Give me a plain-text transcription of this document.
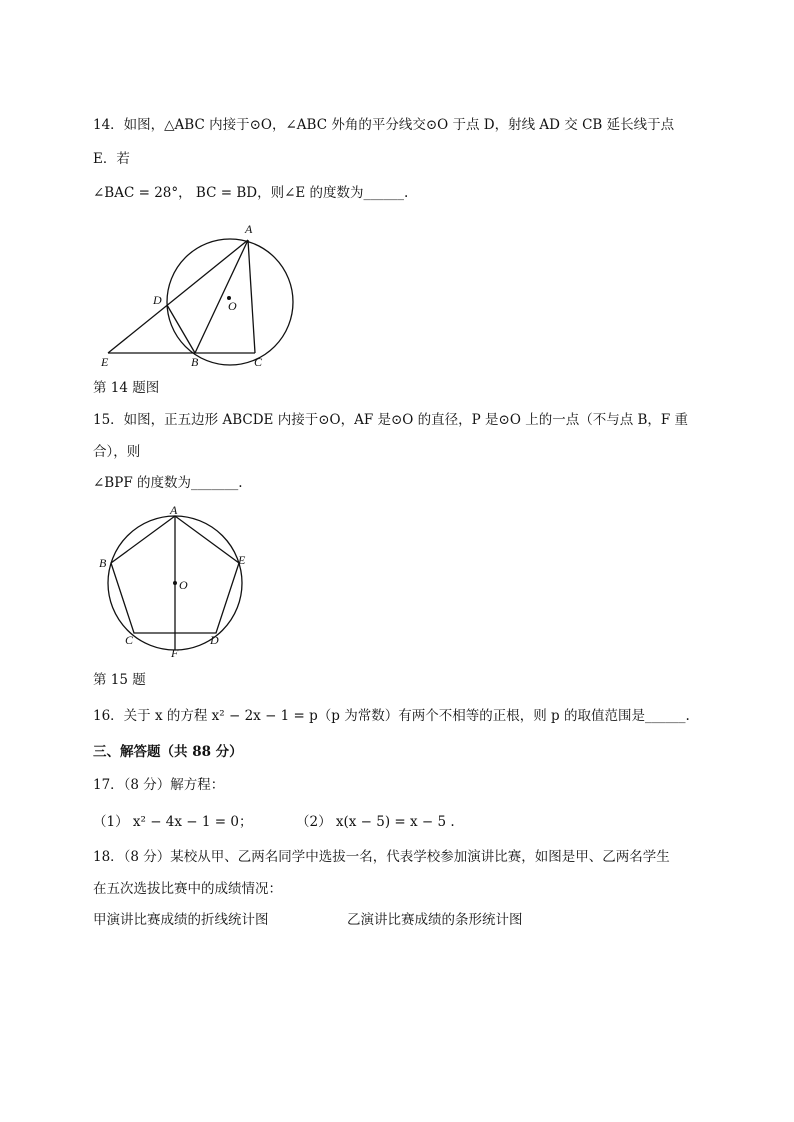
14．如图，△ABC 内接于⊙O，∠ABC 外角的平分线交⊙O 于点 D，射线 AD 交 CB 延长线于点
E．若
∠BAC = 28°， BC = BD，则∠E 的度数为______.
A
D	O
E	B	C
第 14 题图
15．如图，正五边形 ABCDE 内接于⊙O，AF 是⊙O 的直径，P 是⊙O 上的一点（不与点 B，F 重
合），则
∠BPF 的度数为_______.
A
B	E
O
C	D
F
第 15 题
16．关于 x 的方程 x² − 2x − 1 = p（p 为常数）有两个不相等的正根，则 p 的取值范围是______.
三、解答题（共 88 分）
17．（8 分）解方程：
（1） x² − 4x − 1 = 0；	（2） x(x − 5) = x − 5 .
18．（8 分）某校从甲、乙两名同学中选拔一名，代表学校参加演讲比赛，如图是甲、乙两名学生
在五次选拔比赛中的成绩情况：
甲演讲比赛成绩的折线统计图	乙演讲比赛成绩的条形统计图
